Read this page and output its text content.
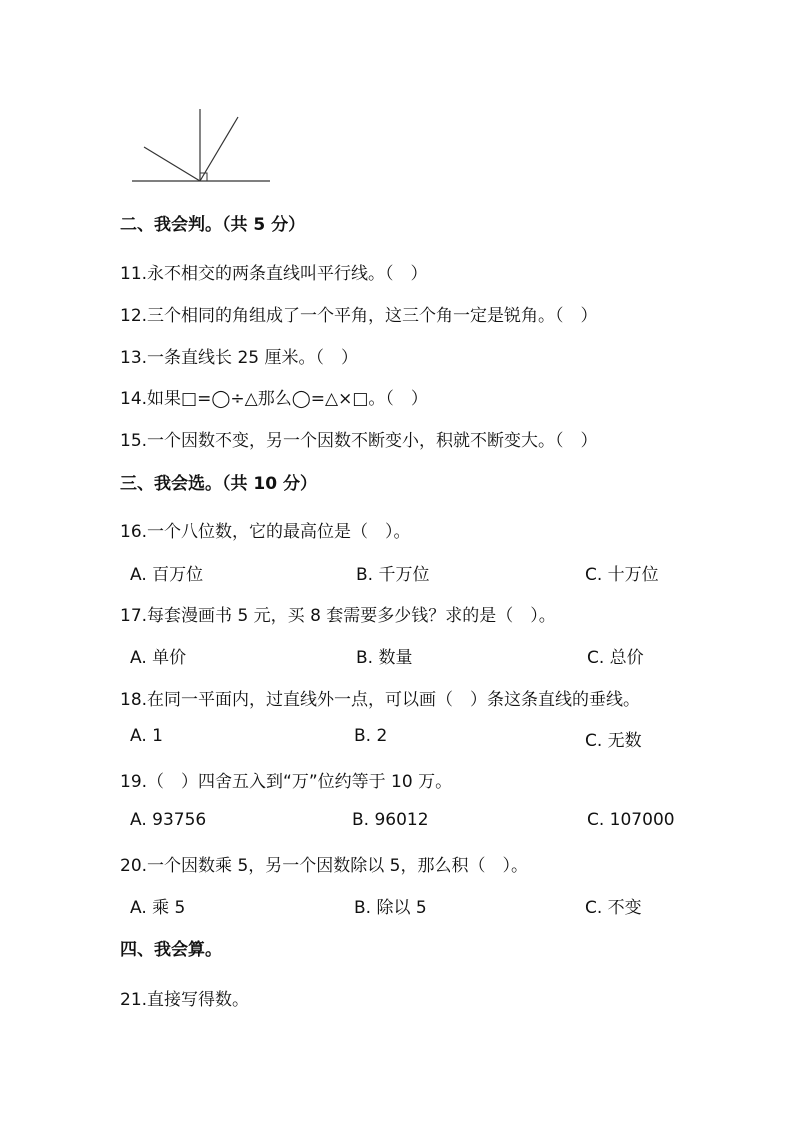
二、我会判。（共 5 分）
11.永不相交的两条直线叫平行线。（　）
12.三个相同的角组成了一个平角，这三个角一定是锐角。（　）
13.一条直线长 25 厘米。（　）
14.如果□=◯÷△那么◯=△×□。（　）
15.一个因数不变，另一个因数不断变小，积就不断变大。（　）
三、我会选。（共 10 分）
16.一个八位数，它的最高位是（　）。
A. 百万位	B. 千万位	C. 十万位
17.每套漫画书 5 元，买 8 套需要多少钱？求的是（　）。
A. 单价	B. 数量	C. 总价
18.在同一平面内，过直线外一点，可以画（　）条这条直线的垂线。
A. 1	B. 2	C. 无数
19.（　）四舍五入到“万”位约等于 10 万。
A. 93756	B. 96012	C. 107000
20.一个因数乘 5，另一个因数除以 5，那么积（　）。
A. 乘 5	B. 除以 5	C. 不变
四、我会算。
21.直接写得数。
